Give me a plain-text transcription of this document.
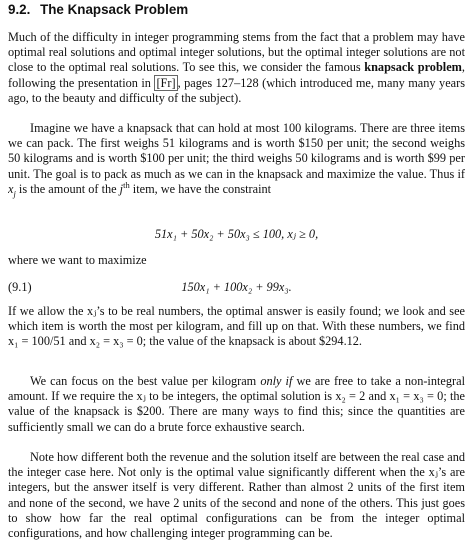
9.2. The Knapsack Problem

Much of the difficulty in integer programming stems from the fact that a problem may have optimal real solutions and optimal integer solutions, but the optimal integer solutions are not close to the optimal real solutions. To see this, we consider the famous knapsack problem, following the presentation in [Fr] , pages 127–128 (which introduced me, many many years ago, to the beauty and difficulty of the subject).

Imagine we have a knapsack that can hold at most 100 kilograms. There are three items we can pack. The first weighs 51 kilograms and is worth $150 per unit; the second weighs 50 kilograms and is worth $100 per unit; the third weighs 50 kilograms and is worth $99 per unit. The goal is to pack as much as we can in the knapsack and maximize the value. Thus if $x_j$ is the amount of the $j^{th}$ item, we have the constraint

51x₁ + 50x₂ + 50x₃ ≤ 100, xⱼ ≥ 0,

where we want to maximize

(9.1)	150x₁ + 100x₂ + 99x₃.

If we allow the xⱼ’s to be real numbers, the optimal answer is easily found; we look and see which item is worth the most per kilogram, and fill up on that. With these numbers, we find x₁ = 100/51 and x₂ = x₃ = 0; the value of the knapsack is about $294.12.

We can focus on the best value per kilogram only if we are free to take a non-integral amount. If we require the xⱼ to be integers, the optimal solution is x₂ = 2 and x₁ = x₃ = 0; the value of the knapsack is $200. There are many ways to find this; since the quantities are sufficiently small we can do a brute force exhaustive search.

Note how different both the revenue and the solution itself are between the real case and the integer case here. Not only is the optimal value significantly different when the xⱼ’s are integers, but the answer itself is very different. Rather than almost 2 units of the first item and none of the second, we have 2 units of the second and none of the others. This just goes to show how far the real optimal configurations can be from the integer optimal configurations, and how challenging integer programming can be.
